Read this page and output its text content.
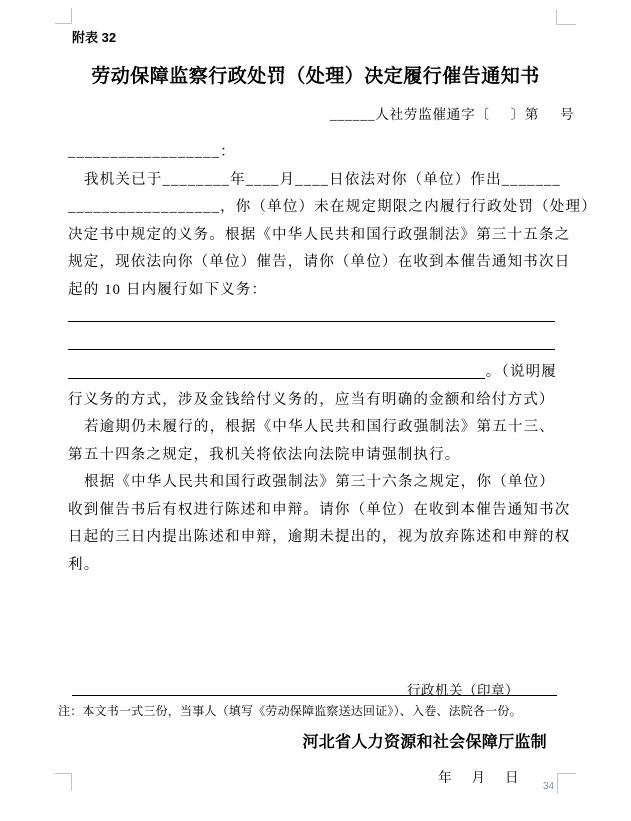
附表 32
劳动保障监察行政处罚（处理）决定履行催告通知书
______人社劳监催通字〔     〕第     号
__________________：
我机关已于________年____月____日依法对你（单位）作出_______
__________________，你（单位）未在规定期限之内履行行政处罚（处理）
决定书中规定的义务。根据《中华人民共和国行政强制法》第三十五条之
规定，现依法向你（单位）催告，请你（单位）在收到本催告通知书次日
起的 10 日内履行如下义务：
。（说明履
行义务的方式，涉及金钱给付义务的，应当有明确的金额和给付方式）
若逾期仍未履行的，根据《中华人民共和国行政强制法》第五十三、
第五十四条之规定，我机关将依法向法院申请强制执行。
根据《中华人民共和国行政强制法》第三十六条之规定，你（单位）
收到催告书后有权进行陈述和申辩。请你（单位）在收到本催告通知书次
日起的三日内提出陈述和申辩，逾期未提出的，视为放弃陈述和申辩的权
利。

行政机关（印章）

年     月     日

注：本文书一式三份，当事人（填写《劳动保障监察送达回证》）、入卷、法院各一份。
河北省人力资源和社会保障厅监制
34
